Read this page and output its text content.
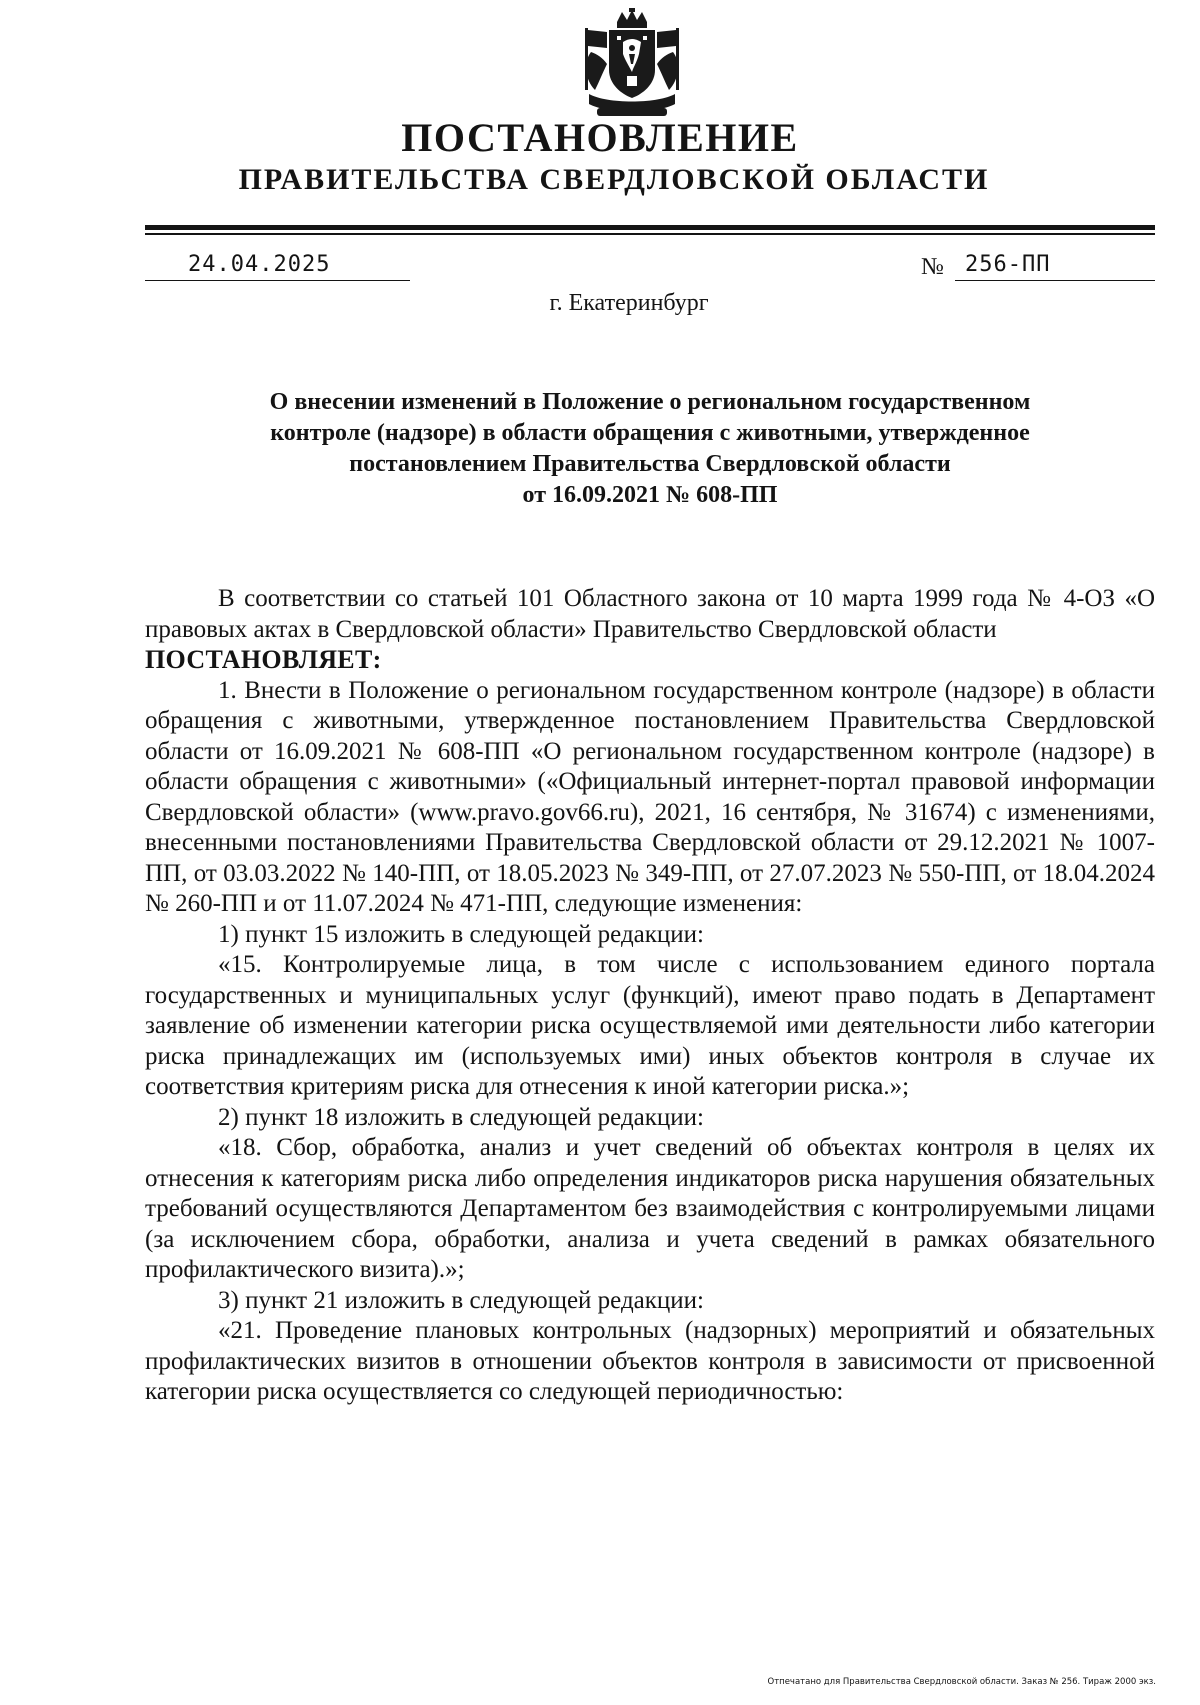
ПОСТАНОВЛЕНИЕ
ПРАВИТЕЛЬСТВА СВЕРДЛОВСКОЙ ОБЛАСТИ
24.04.2025	№ 256-ПП
г. Екатеринбург
О внесении изменений в Положение о региональном государственном
контроле (надзоре) в области обращения с животными, утвержденное
постановлением Правительства Свердловской области
от 16.09.2021 № 608-ПП

В соответствии со статьей 101 Областного закона от 10 марта 1999 года № 4-ОЗ «О правовых актах в Свердловской области» Правительство Свердловской области

ПОСТАНОВЛЯЕТ:

1. Внести в Положение о региональном государственном контроле (надзоре) в области обращения с животными, утвержденное постановлением Правительства Свердловской области от 16.09.2021 № 608-ПП «О региональном государственном контроле (надзоре) в области обращения с животными» («Официальный интернет-портал правовой информации Свердловской области» (www.pravo.gov66.ru), 2021, 16 сентября, № 31674) с изменениями, внесенными постановлениями Правительства Свердловской области от 29.12.2021 № 1007-ПП, от 03.03.2022 № 140-ПП, от 18.05.2023 № 349-ПП, от 27.07.2023 № 550-ПП, от 18.04.2024 № 260-ПП и от 11.07.2024 № 471-ПП, следующие изменения:

1) пункт 15 изложить в следующей редакции:

«15. Контролируемые лица, в том числе с использованием единого портала государственных и муниципальных услуг (функций), имеют право подать в Департамент заявление об изменении категории риска осуществляемой ими деятельности либо категории риска принадлежащих им (используемых ими) иных объектов контроля в случае их соответствия критериям риска для отнесения к иной категории риска.»;

2) пункт 18 изложить в следующей редакции:

«18. Сбор, обработка, анализ и учет сведений об объектах контроля в целях их отнесения к категориям риска либо определения индикаторов риска нарушения обязательных требований осуществляются Департаментом без взаимодействия с контролируемыми лицами (за исключением сбора, обработки, анализа и учета сведений в рамках обязательного профилактического визита).»;

3) пункт 21 изложить в следующей редакции:

«21. Проведение плановых контрольных (надзорных) мероприятий и обязательных профилактических визитов в отношении объектов контроля в зависимости от присвоенной категории риска осуществляется со следующей периодичностью:

Отпечатано для Правительства Свердловской области. Заказ № 256. Тираж 2000 экз.
